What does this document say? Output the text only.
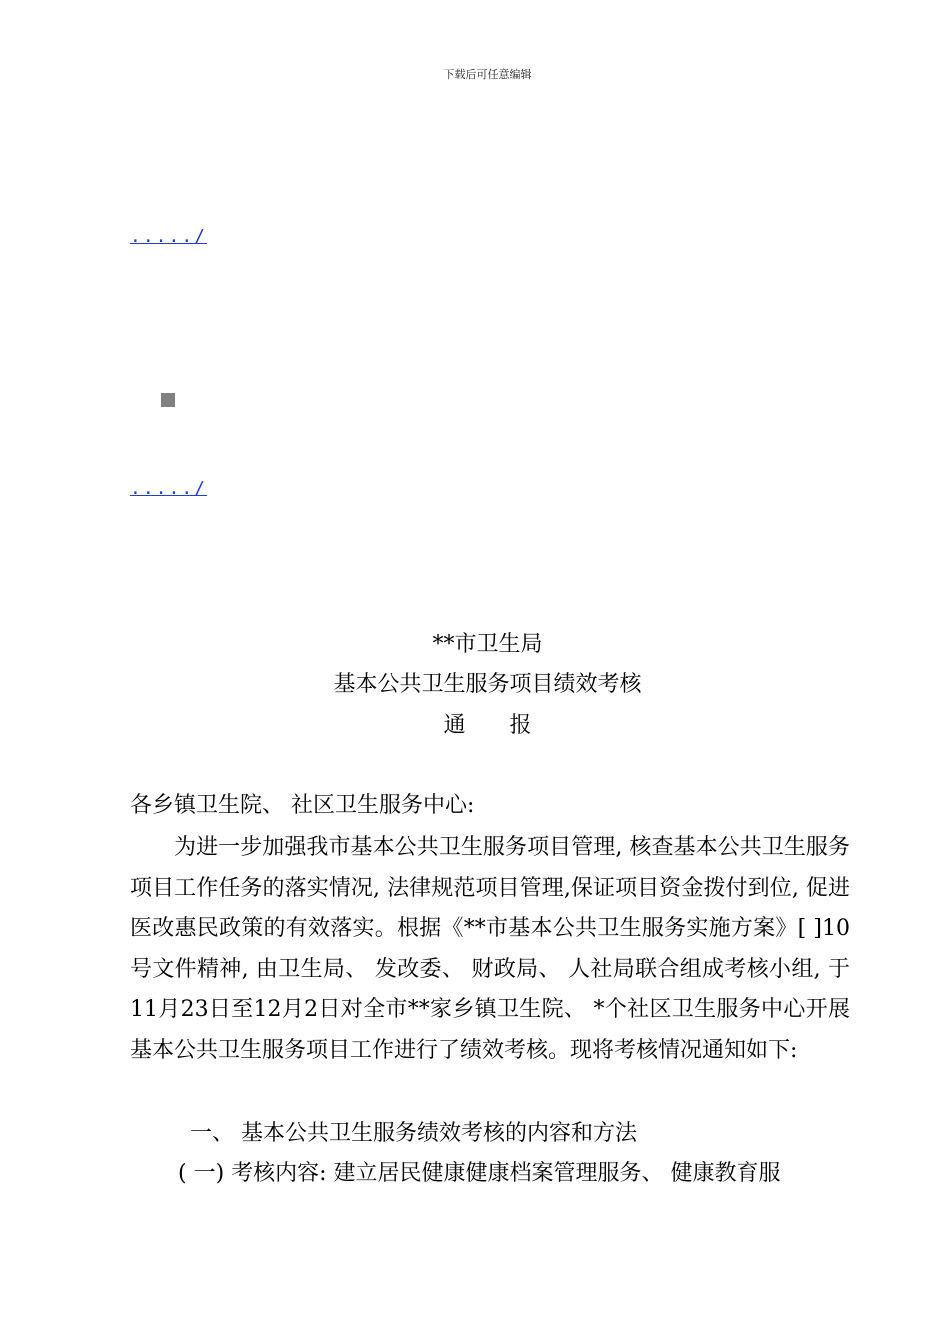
下载后可任意编辑
...../
...../
**市卫生局
基本公共卫生服务项目绩效考核
通 报
各乡镇卫生院、 社区卫生服务中心:

为进一步加强我市基本公共卫生服务项目管理, 核查基本公共卫生服务项目工作任务的落实情况, 法律规范项目管理,保证项目资金拨付到位, 促进医改惠民政策的有效落实。根据《**市基本公共卫生服务实施方案》[ ]10号文件精神, 由卫生局、 发改委、 财政局、 人社局联合组成考核小组, 于11月23日至12月2日对全市**家乡镇卫生院、 *个社区卫生服务中心开展基本公共卫生服务项目工作进行了绩效考核。现将考核情况通知如下:

一、 基本公共卫生服务绩效考核的内容和方法
( 一) 考核内容: 建立居民健康健康档案管理服务、 健康教育服
